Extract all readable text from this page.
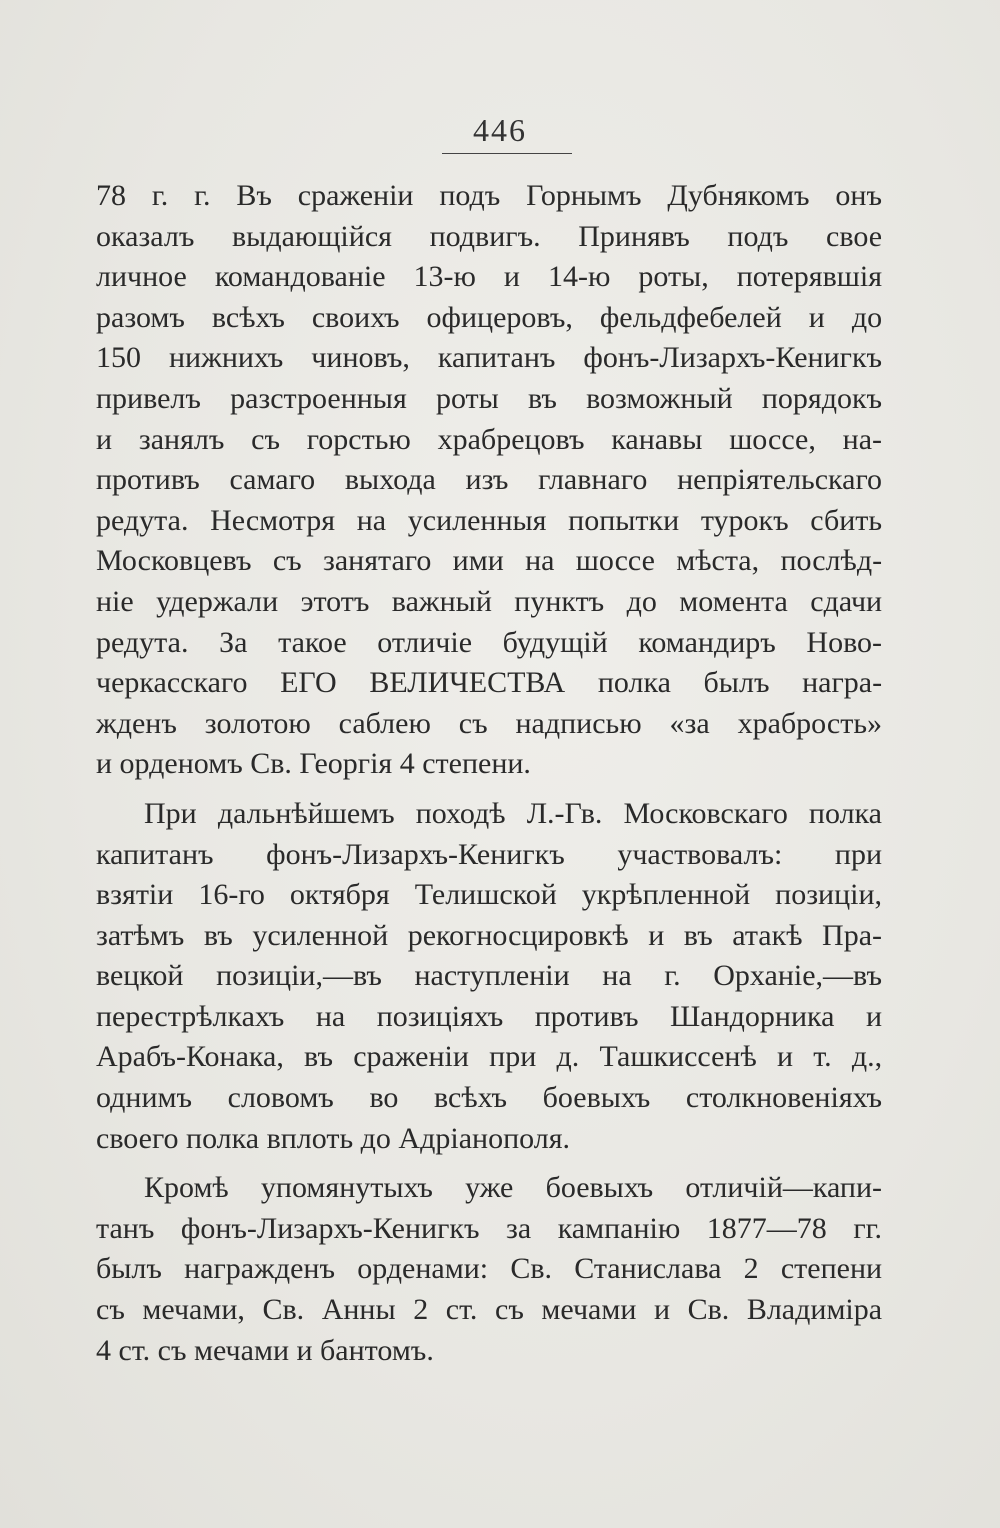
446
78 г. г. Въ сраженіи подъ Горнымъ Дубнякомъ онъ
оказалъ выдающійся подвигъ. Принявъ подъ свое
личное командованіе 13-ю и 14-ю роты, потерявшія
разомъ всѣхъ своихъ офицеровъ, фельдфебелей и до
150 нижнихъ чиновъ, капитанъ фонъ-Лизархъ-Кенигкъ
привелъ разстроенныя роты въ возможный порядокъ
и занялъ съ горстью храбрецовъ канавы шоссе, на-
противъ самаго выхода изъ главнаго непріятельскаго
редута. Несмотря на усиленныя попытки турокъ сбить
Московцевъ съ занятаго ими на шоссе мѣста, послѣд-
ніе удержали этотъ важный пунктъ до момента сдачи
редута. За такое отличіе будущій командиръ Ново-
черкасскаго ЕГО ВЕЛИЧЕСТВА полка былъ награ-
жденъ золотою саблею съ надписью «за храбрость»
и орденомъ Св. Георгія 4 степени.
При дальнѣйшемъ походѣ Л.-Гв. Московскаго полка
капитанъ фонъ-Лизархъ-Кенигкъ участвовалъ: при
взятіи 16-го октября Телишской укрѣпленной позиціи,
затѣмъ въ усиленной рекогносцировкѣ и въ атакѣ Пра-
вецкой позиціи,—въ наступленіи на г. Орханіе,—въ
перестрѣлкахъ на позиціяхъ противъ Шандорника и
Арабъ-Конака, въ сраженіи при д. Ташкиссенѣ и т. д.,
однимъ словомъ во всѣхъ боевыхъ столкновеніяхъ
своего полка вплоть до Адріанополя.
Кромѣ упомянутыхъ уже боевыхъ отличій—капи-
танъ фонъ-Лизархъ-Кенигкъ за кампанію 1877—78 гг.
былъ награжденъ орденами: Св. Станислава 2 степени
съ мечами, Св. Анны 2 ст. съ мечами и Св. Владиміра
4 ст. съ мечами и бантомъ.
